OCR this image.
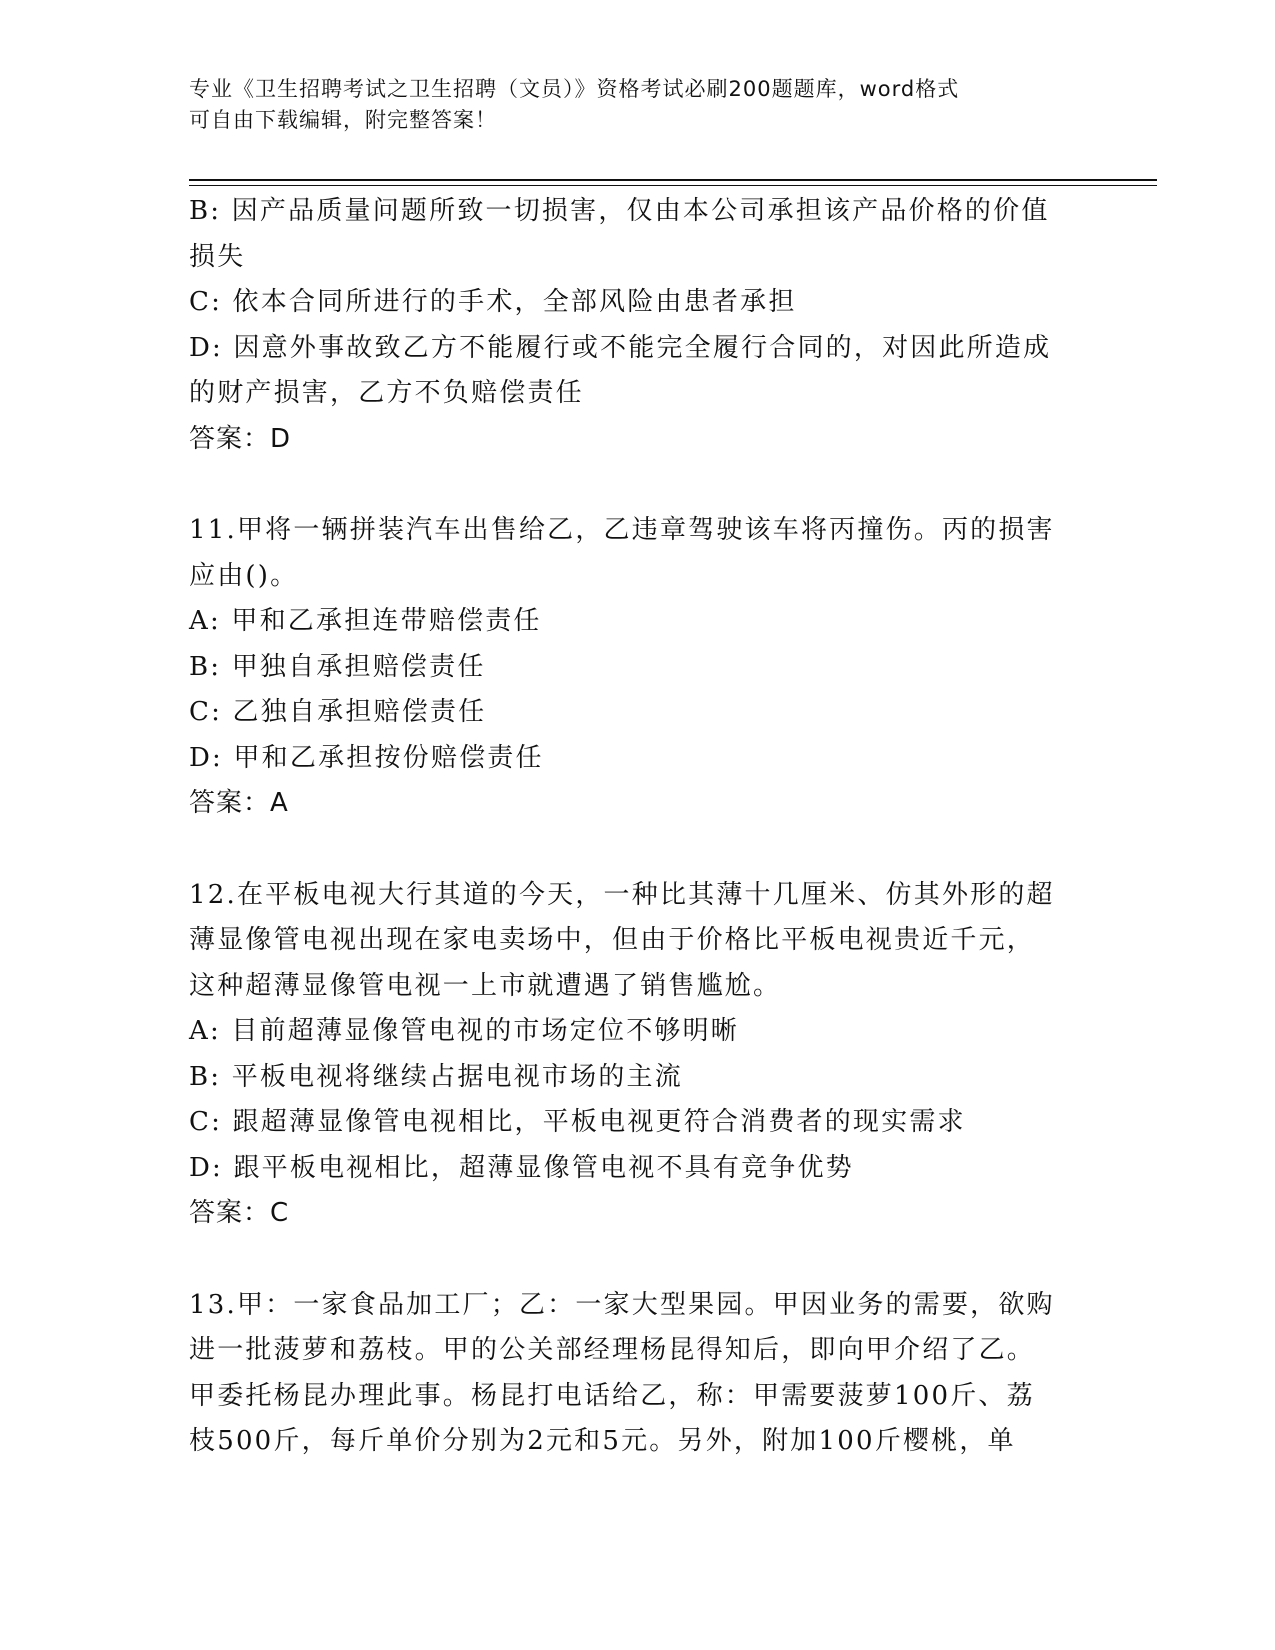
专业《卫生招聘考试之卫生招聘（文员）》资格考试必刷200题题库，word格式
可自由下载编辑，附完整答案！

B: 因产品质量问题所致一切损害，仅由本公司承担该产品价格的价值

损失

C: 依本合同所进行的手术，全部风险由患者承担

D: 因意外事故致乙方不能履行或不能完全履行合同的，对因此所造成

的财产损害，乙方不负赔偿责任

答案：D

11.甲将一辆拼装汽车出售给乙，乙违章驾驶该车将丙撞伤。丙的损害

应由()。

A: 甲和乙承担连带赔偿责任

B: 甲独自承担赔偿责任

C: 乙独自承担赔偿责任

D: 甲和乙承担按份赔偿责任

答案：A

12.在平板电视大行其道的今天，一种比其薄十几厘米、仿其外形的超

薄显像管电视出现在家电卖场中，但由于价格比平板电视贵近千元，

这种超薄显像管电视一上市就遭遇了销售尴尬。

A: 目前超薄显像管电视的市场定位不够明晰

B: 平板电视将继续占据电视市场的主流

C: 跟超薄显像管电视相比，平板电视更符合消费者的现实需求

D: 跟平板电视相比，超薄显像管电视不具有竞争优势

答案：C

13.甲：一家食品加工厂；乙：一家大型果园。甲因业务的需要，欲购

进一批菠萝和荔枝。甲的公关部经理杨昆得知后，即向甲介绍了乙。

甲委托杨昆办理此事。杨昆打电话给乙，称：甲需要菠萝100斤、荔

枝500斤，每斤单价分别为2元和5元。另外，附加100斤樱桃，单
